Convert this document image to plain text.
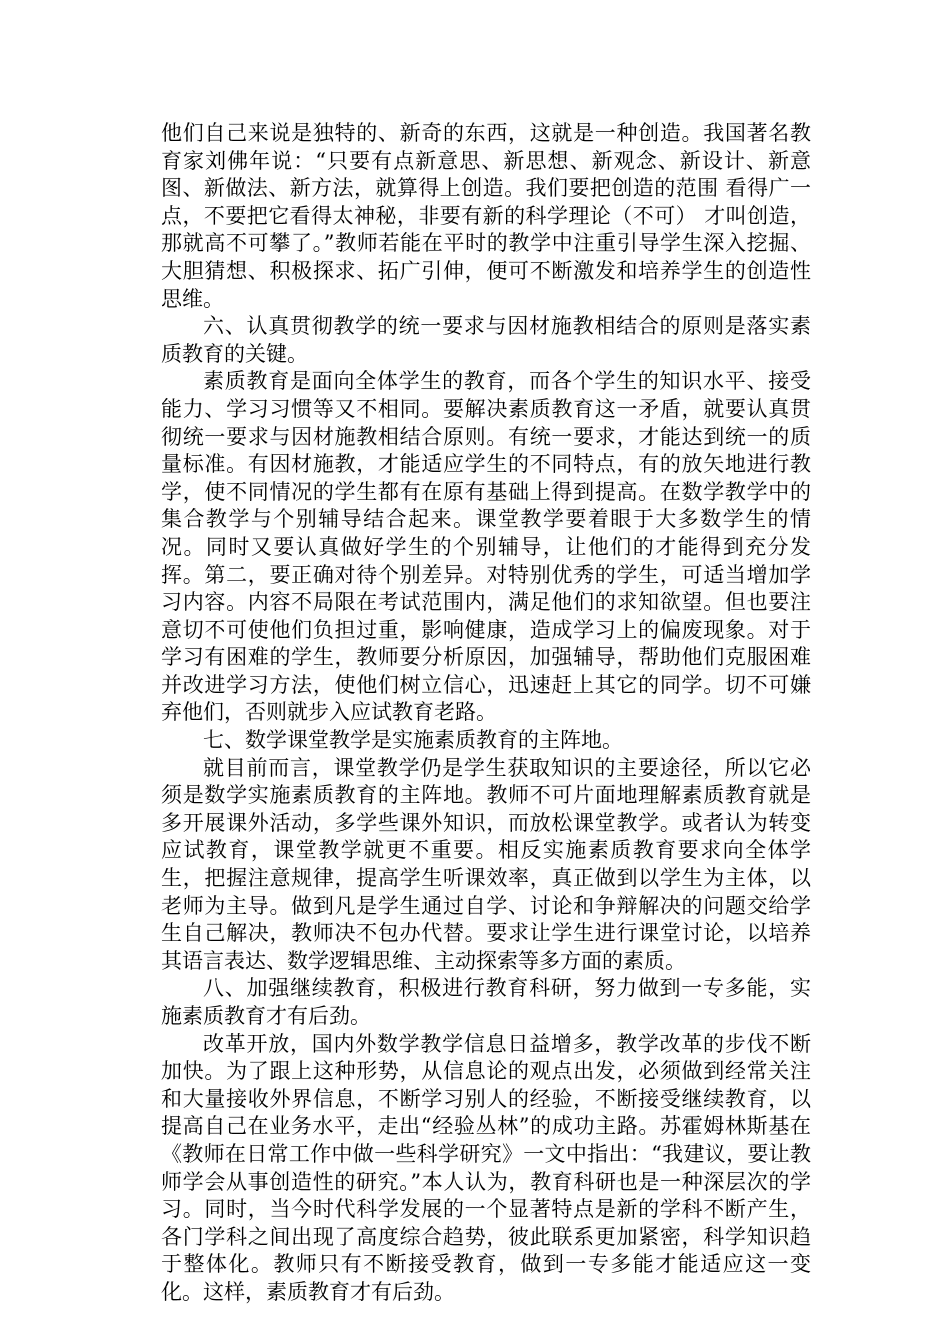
他们自己来说是独特的、新奇的东西，这就是一种创造。我国著名教育家刘佛年说：“只要有点新意思、新思想、新观念、新设计、新意图、新做法、新方法，就算得上创造。我们要把创造的范围 看得广一点，不要把它看得太神秘，非要有新的科学理论（不可） 才叫创造，那就高不可攀了。”教师若能在平时的教学中注重引导学生深入挖掘、大胆猜想、积极探求、拓广引伸，便可不断激发和培养学生的创造性思维。

六、认真贯彻教学的统一要求与因材施教相结合的原则是落实素质教育的关键。

素质教育是面向全体学生的教育，而各个学生的知识水平、接受能力、学习习惯等又不相同。要解决素质教育这一矛盾，就要认真贯彻统一要求与因材施教相结合原则。有统一要求，才能达到统一的质量标准。有因材施教，才能适应学生的不同特点，有的放矢地进行教学，使不同情况的学生都有在原有基础上得到提高。在数学教学中的集合教学与个别辅导结合起来。课堂教学要着眼于大多数学生的情况。同时又要认真做好学生的个别辅导，让他们的才能得到充分发挥。第二，要正确对待个别差异。对特别优秀的学生，可适当增加学习内容。内容不局限在考试范围内，满足他们的求知欲望。但也要注意切不可使他们负担过重，影响健康，造成学习上的偏废现象。对于学习有困难的学生，教师要分析原因，加强辅导，帮助他们克服困难并改进学习方法，使他们树立信心，迅速赶上其它的同学。切不可嫌弃他们，否则就步入应试教育老路。

七、数学课堂教学是实施素质教育的主阵地。

就目前而言，课堂教学仍是学生获取知识的主要途径，所以它必须是数学实施素质教育的主阵地。教师不可片面地理解素质教育就是多开展课外活动，多学些课外知识，而放松课堂教学。或者认为转变应试教育，课堂教学就更不重要。相反实施素质教育要求向全体学生，把握注意规律，提高学生听课效率，真正做到以学生为主体，以老师为主导。做到凡是学生通过自学、讨论和争辩解决的问题交给学生自己解决，教师决不包办代替。要求让学生进行课堂讨论，以培养其语言表达、数学逻辑思维、主动探索等多方面的素质。

八、加强继续教育，积极进行教育科研，努力做到一专多能，实施素质教育才有后劲。

改革开放，国内外数学教学信息日益增多，教学改革的步伐不断加快。为了跟上这种形势，从信息论的观点出发，必须做到经常关注和大量接收外界信息，不断学习别人的经验，不断接受继续教育，以提高自己在业务水平，走出“经验丛林”的成功主路。苏霍姆林斯基在《教师在日常工作中做一些科学研究》一文中指出：“我建议，要让教师学会从事创造性的研究。”本人认为，教育科研也是一种深层次的学习。同时，当今时代科学发展的一个显著特点是新的学科不断产生，各门学科之间出现了高度综合趋势，彼此联系更加紧密，科学知识趋于整体化。教师只有不断接受教育，做到一专多能才能适应这一变化。这样，素质教育才有后劲。
